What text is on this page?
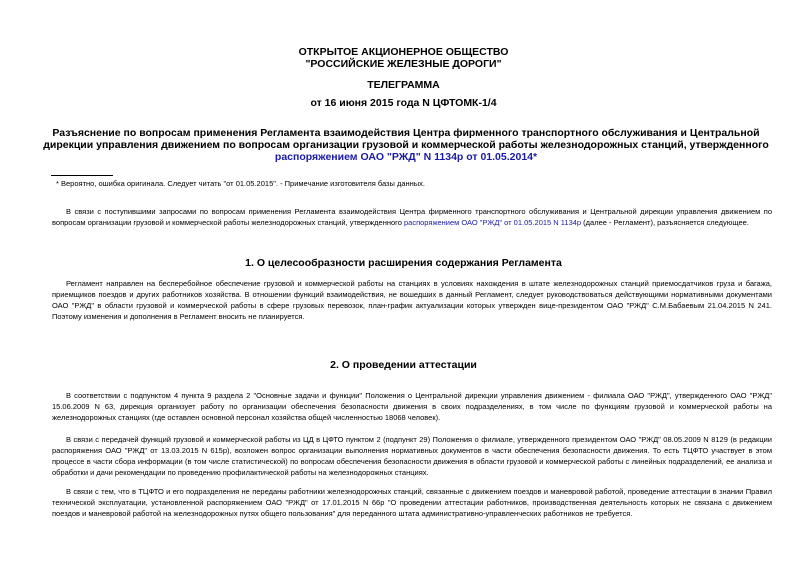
ОТКРЫТОЕ АКЦИОНЕРНОЕ ОБЩЕСТВО
"РОССИЙСКИЕ ЖЕЛЕЗНЫЕ ДОРОГИ"
ТЕЛЕГРАММА
от 16 июня 2015 года N ЦФТОМК-1/4
Разъяснение по вопросам применения Регламента взаимодействия Центра фирменного транспортного обслуживания и Центральной дирекции управления движением по вопросам организации грузовой и коммерческой работы железнодорожных станций, утвержденного распоряжением ОАО "РЖД" N 1134р от 01.05.2014*
* Вероятно, ошибка оригинала. Следует читать "от 01.05.2015". - Примечание изготовителя базы данных.
В связи с поступившими запросами по вопросам применения Регламента взаимодействия Центра фирменного транспортного обслуживания и Центральной дирекции управления движением по вопросам организации грузовой и коммерческой работы железнодорожных станций, утвержденного распоряжением ОАО "РЖД" от 01.05.2015 N 1134р (далее - Регламент), разъясняется следующее.
1. О целесообразности расширения содержания Регламента
Регламент направлен на бесперебойное обеспечение грузовой и коммерческой работы на станциях в условиях нахождения в штате железнодорожных станций приемосдатчиков груза и багажа, приемщиков поездов и других работников хозяйства. В отношении функций взаимодействия, не вошедших в данный Регламент, следует руководствоваться действующими нормативными документами ОАО "РЖД" в области грузовой и коммерческой работы в сфере грузовых перевозок, план-график актуализации которых утвержден вице-президентом ОАО "РЖД" С.М.Бабаевым 21.04.2015 N 241. Поэтому изменения и дополнения в Регламент вносить не планируется.
2. О проведении аттестации
В соответствии с подпунктом 4 пункта 9 раздела 2 "Основные задачи и функции" Положения о Центральной дирекции управления движением - филиала ОАО "РЖД", утвержденного ОАО "РЖД" 15.06.2009 N 63, дирекция организует работу по организации обеспечения безопасности движения в своих подразделениях, в том числе по функциям грузовой и коммерческой работы на железнодорожных станциях (где оставлен основной персонал хозяйства общей численностью 18068 человек).
В связи с передачей функций грузовой и коммерческой работы из ЦД в ЦФТО пунктом 2 (подпункт 29) Положения о филиале, утвержденного президентом ОАО "РЖД" 08.05.2009 N 8129 (в редакции распоряжения ОАО "РЖД" от 13.03.2015 N 615р), возложен вопрос организации выполнения нормативных документов в части обеспечения безопасности движения. То есть ТЦФТО участвует в этом процессе в части сбора информации (в том числе статистической) по вопросам обеспечения безопасности движения в области грузовой и коммерческой работы с линейных подразделений, ее анализа и обработки и дачи рекомендации по проведению профилактической работы на железнодорожных станциях.
В связи с тем, что в ТЦФТО и его подразделения не переданы работники железнодорожных станций, связанные с движением поездов и маневровой работой, проведение аттестации в знании Правил технической эксплуатации, установленной распоряжением ОАО "РЖД" от 17.01.2015 N 66р "О проведении аттестации работников, производственная деятельность которых не связана с движением поездов и маневровой работой на железнодорожных путях общего пользования" для переданного штата административно-управленческих работников не требуется.
